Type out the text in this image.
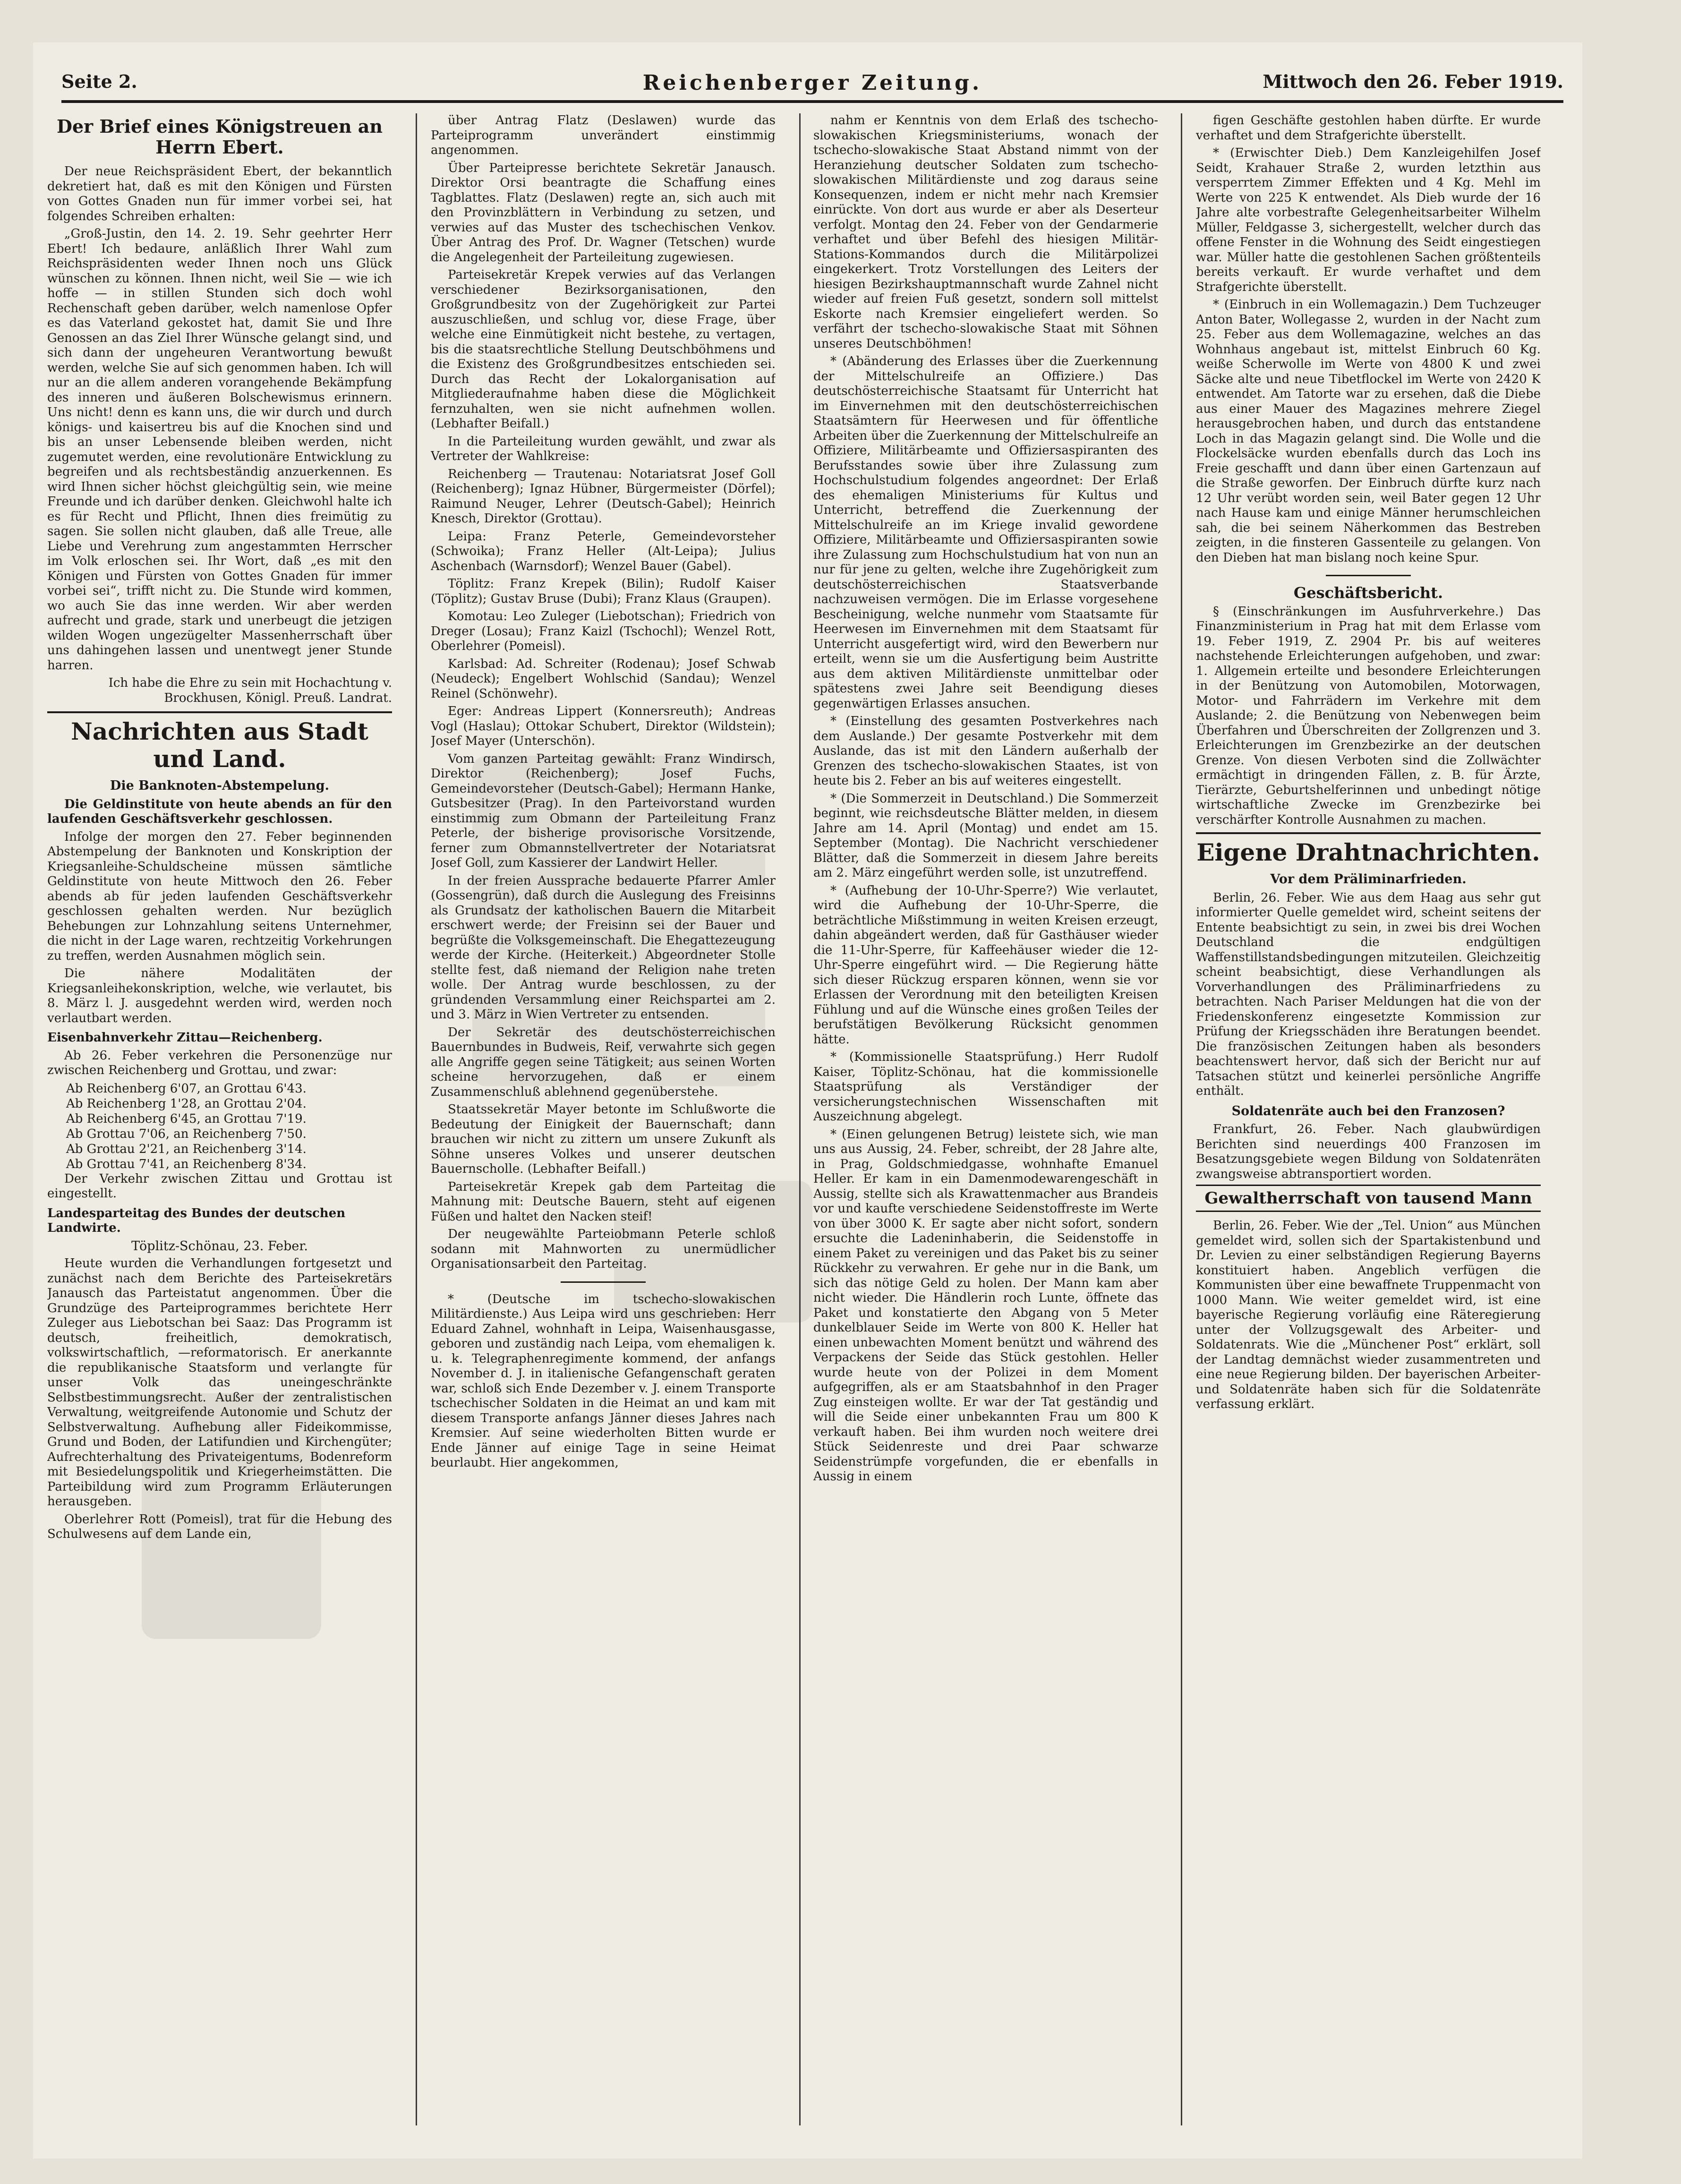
Seite 2.	Reichenberger Zeitung.	Mittwoch den 26. Feber 1919.
Der Brief eines Königstreuen an Herrn Ebert.

Der neue Reichspräsident Ebert, der bekanntlich dekretiert hat, daß es mit den Königen und Fürsten von Gottes Gnaden nun für immer vorbei sei, hat folgendes Schreiben erhalten:

„Groß-Justin, den 14. 2. 19. Sehr geehrter Herr Ebert! Ich bedaure, anläßlich Ihrer Wahl zum Reichspräsidenten weder Ihnen noch uns Glück wünschen zu können. Ihnen nicht, weil Sie — wie ich hoffe — in stillen Stunden sich doch wohl Rechenschaft geben darüber, welch namenlose Opfer es das Vaterland gekostet hat, damit Sie und Ihre Genossen an das Ziel Ihrer Wünsche gelangt sind, und sich dann der ungeheuren Verantwortung bewußt werden, welche Sie auf sich genommen haben. Ich will nur an die allem anderen vorangehende Bekämpfung des inneren und äußeren Bolschewismus erinnern. Uns nicht! denn es kann uns, die wir durch und durch königs- und kaisertreu bis auf die Knochen sind und bis an unser Lebensende bleiben werden, nicht zugemutet werden, eine revolutionäre Entwicklung zu begreifen und als rechtsbeständig anzuerkennen. Es wird Ihnen sicher höchst gleichgültig sein, wie meine Freunde und ich darüber denken. Gleichwohl halte ich es für Recht und Pflicht, Ihnen dies freimütig zu sagen. Sie sollen nicht glauben, daß alle Treue, alle Liebe und Verehrung zum angestammten Herrscher im Volk erloschen sei. Ihr Wort, daß „es mit den Königen und Fürsten von Gottes Gnaden für immer vorbei sei“, trifft nicht zu. Die Stunde wird kommen, wo auch Sie das inne werden. Wir aber werden aufrecht und grade, stark und unerbeugt die jetzigen wilden Wogen ungezügelter Massenherrschaft über uns dahingehen lassen und unentwegt jener Stunde harren.

Ich habe die Ehre zu sein mit Hochachtung v. Brockhusen, Königl. Preuß. Landrat.

Nachrichten aus Stadt und Land.
Die Banknoten-Abstempelung.

Die Geldinstitute von heute abends an für den laufenden Geschäftsverkehr geschlossen.

Infolge der morgen den 27. Feber beginnenden Abstempelung der Banknoten und Konskription der Kriegsanleihe-Schuldscheine müssen sämtliche Geldinstitute von heute Mittwoch den 26. Feber abends ab für jeden laufenden Geschäftsverkehr geschlossen gehalten werden. Nur bezüglich Behebungen zur Lohnzahlung seitens Unternehmer, die nicht in der Lage waren, rechtzeitig Vorkehrungen zu treffen, werden Ausnahmen möglich sein.

Die nähere Modalitäten der Kriegsanleihekonskription, welche, wie verlautet, bis 8. März l. J. ausgedehnt werden wird, werden noch verlautbart werden.

Eisenbahnverkehr Zittau—Reichenberg.

Ab 26. Feber verkehren die Personenzüge nur zwischen Reichenberg und Grottau, und zwar:

Ab Reichenberg 6'07, an Grottau 6'43.
Ab Reichenberg 1'28, an Grottau 2'04.
Ab Reichenberg 6'45, an Grottau 7'19.
Ab Grottau 7'06, an Reichenberg 7'50.
Ab Grottau 2'21, an Reichenberg 3'14.
Ab Grottau 7'41, an Reichenberg 8'34.

Der Verkehr zwischen Zittau und Grottau ist eingestellt.

Landesparteitag des Bundes der deutschen Landwirte.
Töplitz-Schönau, 23. Feber.

Heute wurden die Verhandlungen fortgesetzt und zunächst nach dem Berichte des Parteisekretärs Janausch das Parteistatut angenommen. Über die Grundzüge des Parteiprogrammes berichtete Herr Zuleger aus Liebotschan bei Saaz: Das Programm ist deutsch, freiheitlich, demokratisch, volkswirtschaftlich, —reformatorisch. Er anerkannte die republikanische Staatsform und verlangte für unser Volk das uneingeschränkte Selbstbestimmungsrecht. Außer der zentralistischen Verwaltung, weitgreifende Autonomie und Schutz der Selbstverwaltung. Aufhebung aller Fideikommisse, Grund und Boden, der Latifundien und Kirchengüter; Aufrechterhaltung des Privateigentums, Bodenreform mit Besiedelungspolitik und Kriegerheimstätten. Die Parteibildung wird zum Programm Erläuterungen herausgeben.

Oberlehrer Rott (Pomeisl), trat für die Hebung des Schulwesens auf dem Lande ein,

über Antrag Flatz (Deslawen) wurde das Parteiprogramm unverändert einstimmig angenommen.

Über Parteipresse berichtete Sekretär Janausch. Direktor Orsi beantragte die Schaffung eines Tagblattes. Flatz (Deslawen) regte an, sich auch mit den Provinzblättern in Verbindung zu setzen, und verwies auf das Muster des tschechischen Venkov. Über Antrag des Prof. Dr. Wagner (Tetschen) wurde die Angelegenheit der Parteileitung zugewiesen.

Parteisekretär Krepek verwies auf das Verlangen verschiedener Bezirksorganisationen, den Großgrundbesitz von der Zugehörigkeit zur Partei auszuschließen, und schlug vor, diese Frage, über welche eine Einmütigkeit nicht bestehe, zu vertagen, bis die staatsrechtliche Stellung Deutschböhmens und die Existenz des Großgrundbesitzes entschieden sei. Durch das Recht der Lokalorganisation auf Mitgliederaufnahme haben diese die Möglichkeit fernzuhalten, wen sie nicht aufnehmen wollen. (Lebhafter Beifall.)

In die Parteileitung wurden gewählt, und zwar als Vertreter der Wahlkreise:

Reichenberg — Trautenau: Notariatsrat Josef Goll (Reichenberg); Ignaz Hübner, Bürgermeister (Dörfel); Raimund Neuger, Lehrer (Deutsch-Gabel); Heinrich Knesch, Direktor (Grottau).

Leipa: Franz Peterle, Gemeindevorsteher (Schwoika); Franz Heller (Alt-Leipa); Julius Aschenbach (Warnsdorf); Wenzel Bauer (Gabel).

Töplitz: Franz Krepek (Bilin); Rudolf Kaiser (Töplitz); Gustav Bruse (Dubi); Franz Klaus (Graupen).

Komotau: Leo Zuleger (Liebotschan); Friedrich von Dreger (Losau); Franz Kaizl (Tschochl); Wenzel Rott, Oberlehrer (Pomeisl).

Karlsbad: Ad. Schreiter (Rodenau); Josef Schwab (Neudeck); Engelbert Wohlschid (Sandau); Wenzel Reinel (Schönwehr).

Eger: Andreas Lippert (Konnersreuth); Andreas Vogl (Haslau); Ottokar Schubert, Direktor (Wildstein); Josef Mayer (Unterschön).

Vom ganzen Parteitag gewählt: Franz Windirsch, Direktor (Reichenberg); Josef Fuchs, Gemeindevorsteher (Deutsch-Gabel); Hermann Hanke, Gutsbesitzer (Prag). In den Parteivorstand wurden einstimmig zum Obmann der Parteileitung Franz Peterle, der bisherige provisorische Vorsitzende, ferner zum Obmannstellvertreter der Notariatsrat Josef Goll, zum Kassierer der Landwirt Heller.

In der freien Aussprache bedauerte Pfarrer Amler (Gossengrün), daß durch die Auslegung des Freisinns als Grundsatz der katholischen Bauern die Mitarbeit erschwert werde; der Freisinn sei der Bauer und begrüßte die Volksgemeinschaft. Die Ehegattezeugung werde der Kirche. (Heiterkeit.) Abgeordneter Stolle stellte fest, daß niemand der Religion nahe treten wolle. Der Antrag wurde beschlossen, zu der gründenden Versammlung einer Reichspartei am 2. und 3. März in Wien Vertreter zu entsenden.

Der Sekretär des deutschösterreichischen Bauernbundes in Budweis, Reif, verwahrte sich gegen alle Angriffe gegen seine Tätigkeit; aus seinen Worten scheine hervorzugehen, daß er einem Zusammenschluß ablehnend gegenüberstehe.

Staatssekretär Mayer betonte im Schlußworte die Bedeutung der Einigkeit der Bauernschaft; dann brauchen wir nicht zu zittern um unsere Zukunft als Söhne unseres Volkes und unserer deutschen Bauernscholle. (Lebhafter Beifall.)

Parteisekretär Krepek gab dem Parteitag die Mahnung mit: Deutsche Bauern, steht auf eigenen Füßen und haltet den Nacken steif!

Der neugewählte Parteiobmann Peterle schloß sodann mit Mahnworten zu unermüdlicher Organisationsarbeit den Parteitag.

* (Deutsche im tschecho-slowakischen Militärdienste.) Aus Leipa wird uns geschrieben: Herr Eduard Zahnel, wohnhaft in Leipa, Waisenhausgasse, geboren und zuständig nach Leipa, vom ehemaligen k. u. k. Telegraphenregimente kommend, der anfangs November d. J. in italienische Gefangenschaft geraten war, schloß sich Ende Dezember v. J. einem Transporte tschechischer Soldaten in die Heimat an und kam mit diesem Transporte anfangs Jänner dieses Jahres nach Kremsier. Auf seine wiederholten Bitten wurde er Ende Jänner auf einige Tage in seine Heimat beurlaubt. Hier angekommen,

nahm er Kenntnis von dem Erlaß des tschecho-slowakischen Kriegsministeriums, wonach der tschecho-slowakische Staat Abstand nimmt von der Heranziehung deutscher Soldaten zum tschecho-slowakischen Militärdienste und zog daraus seine Konsequenzen, indem er nicht mehr nach Kremsier einrückte. Von dort aus wurde er aber als Deserteur verfolgt. Montag den 24. Feber von der Gendarmerie verhaftet und über Befehl des hiesigen Militär-Stations-Kommandos durch die Militärpolizei eingekerkert. Trotz Vorstellungen des Leiters der hiesigen Bezirkshauptmannschaft wurde Zahnel nicht wieder auf freien Fuß gesetzt, sondern soll mittelst Eskorte nach Kremsier eingeliefert werden. So verfährt der tschecho-slowakische Staat mit Söhnen unseres Deutschböhmen!

* (Abänderung des Erlasses über die Zuerkennung der Mittelschulreife an Offiziere.) Das deutschösterreichische Staatsamt für Unterricht hat im Einvernehmen mit den deutschösterreichischen Staatsämtern für Heerwesen und für öffentliche Arbeiten über die Zuerkennung der Mittelschulreife an Offiziere, Militärbeamte und Offiziersaspiranten des Berufsstandes sowie über ihre Zulassung zum Hochschulstudium folgendes angeordnet: Der Erlaß des ehemaligen Ministeriums für Kultus und Unterricht, betreffend die Zuerkennung der Mittelschulreife an im Kriege invalid gewordene Offiziere, Militärbeamte und Offiziersaspiranten sowie ihre Zulassung zum Hochschulstudium hat von nun an nur für jene zu gelten, welche ihre Zugehörigkeit zum deutschösterreichischen Staatsverbande nachzuweisen vermögen. Die im Erlasse vorgesehene Bescheinigung, welche nunmehr vom Staatsamte für Heerwesen im Einvernehmen mit dem Staatsamt für Unterricht ausgefertigt wird, wird den Bewerbern nur erteilt, wenn sie um die Ausfertigung beim Austritte aus dem aktiven Militärdienste unmittelbar oder spätestens zwei Jahre seit Beendigung dieses gegenwärtigen Erlasses ansuchen.

* (Einstellung des gesamten Postverkehres nach dem Auslande.) Der gesamte Postverkehr mit dem Auslande, das ist mit den Ländern außerhalb der Grenzen des tschecho-slowakischen Staates, ist von heute bis 2. Feber an bis auf weiteres eingestellt.

* (Die Sommerzeit in Deutschland.) Die Sommerzeit beginnt, wie reichsdeutsche Blätter melden, in diesem Jahre am 14. April (Montag) und endet am 15. September (Montag). Die Nachricht verschiedener Blätter, daß die Sommerzeit in diesem Jahre bereits am 2. März eingeführt werden solle, ist unzutreffend.

* (Aufhebung der 10-Uhr-Sperre?) Wie verlautet, wird die Aufhebung der 10-Uhr-Sperre, die beträchtliche Mißstimmung in weiten Kreisen erzeugt, dahin abgeändert werden, daß für Gasthäuser wieder die 11-Uhr-Sperre, für Kaffeehäuser wieder die 12-Uhr-Sperre eingeführt wird. — Die Regierung hätte sich dieser Rückzug ersparen können, wenn sie vor Erlassen der Verordnung mit den beteiligten Kreisen Fühlung und auf die Wünsche eines großen Teiles der berufstätigen Bevölkerung Rücksicht genommen hätte.

* (Kommissionelle Staatsprüfung.) Herr Rudolf Kaiser, Töplitz-Schönau, hat die kommissionelle Staatsprüfung als Verständiger der versicherungstechnischen Wissenschaften mit Auszeichnung abgelegt.

* (Einen gelungenen Betrug) leistete sich, wie man uns aus Aussig, 24. Feber, schreibt, der 28 Jahre alte, in Prag, Goldschmiedgasse, wohnhafte Emanuel Heller. Er kam in ein Damenmodewarengeschäft in Aussig, stellte sich als Krawattenmacher aus Brandeis vor und kaufte verschiedene Seidenstoffreste im Werte von über 3000 K. Er sagte aber nicht sofort, sondern ersuchte die Ladeninhaberin, die Seidenstoffe in einem Paket zu vereinigen und das Paket bis zu seiner Rückkehr zu verwahren. Er gehe nur in die Bank, um sich das nötige Geld zu holen. Der Mann kam aber nicht wieder. Die Händlerin roch Lunte, öffnete das Paket und konstatierte den Abgang von 5 Meter dunkelblauer Seide im Werte von 800 K. Heller hat einen unbewachten Moment benützt und während des Verpackens der Seide das Stück gestohlen. Heller wurde heute von der Polizei in dem Moment aufgegriffen, als er am Staatsbahnhof in den Prager Zug einsteigen wollte. Er war der Tat geständig und will die Seide einer unbekannten Frau um 800 K verkauft haben. Bei ihm wurden noch weitere drei Stück Seidenreste und drei Paar schwarze Seidenstrümpfe vorgefunden, die er ebenfalls in Aussig in einem

figen Geschäfte gestohlen haben dürfte. Er wurde verhaftet und dem Strafgerichte überstellt.

* (Erwischter Dieb.) Dem Kanzleigehilfen Josef Seidt, Krahauer Straße 2, wurden letzthin aus versperrtem Zimmer Effekten und 4 Kg. Mehl im Werte von 225 K entwendet. Als Dieb wurde der 16 Jahre alte vorbestrafte Gelegenheitsarbeiter Wilhelm Müller, Feldgasse 3, sichergestellt, welcher durch das offene Fenster in die Wohnung des Seidt eingestiegen war. Müller hatte die gestohlenen Sachen größtenteils bereits verkauft. Er wurde verhaftet und dem Strafgerichte überstellt.

* (Einbruch in ein Wollemagazin.) Dem Tuchzeuger Anton Bater, Wollegasse 2, wurden in der Nacht zum 25. Feber aus dem Wollemagazine, welches an das Wohnhaus angebaut ist, mittelst Einbruch 60 Kg. weiße Scherwolle im Werte von 4800 K und zwei Säcke alte und neue Tibetflockel im Werte von 2420 K entwendet. Am Tatorte war zu ersehen, daß die Diebe aus einer Mauer des Magazines mehrere Ziegel herausgebrochen haben, und durch das entstandene Loch in das Magazin gelangt sind. Die Wolle und die Flockelsäcke wurden ebenfalls durch das Loch ins Freie geschafft und dann über einen Gartenzaun auf die Straße geworfen. Der Einbruch dürfte kurz nach 12 Uhr verübt worden sein, weil Bater gegen 12 Uhr nach Hause kam und einige Männer herumschleichen sah, die bei seinem Näherkommen das Bestreben zeigten, in die finsteren Gassenteile zu gelangen. Von den Dieben hat man bislang noch keine Spur.

Geschäftsbericht.

§ (Einschränkungen im Ausfuhrverkehre.) Das Finanzministerium in Prag hat mit dem Erlasse vom 19. Feber 1919, Z. 2904 Pr. bis auf weiteres nachstehende Erleichterungen aufgehoben, und zwar: 1. Allgemein erteilte und besondere Erleichterungen in der Benützung von Automobilen, Motorwagen, Motor- und Fahrrädern im Verkehre mit dem Auslande; 2. die Benützung von Nebenwegen beim Überfahren und Überschreiten der Zollgrenzen und 3. Erleichterungen im Grenzbezirke an der deutschen Grenze. Von diesen Verboten sind die Zollwächter ermächtigt in dringenden Fällen, z. B. für Ärzte, Tierärzte, Geburtshelferinnen und unbedingt nötige wirtschaftliche Zwecke im Grenzbezirke bei verschärfter Kontrolle Ausnahmen zu machen.

Eigene Drahtnachrichten.
Vor dem Präliminarfrieden.

Berlin, 26. Feber. Wie aus dem Haag aus sehr gut informierter Quelle gemeldet wird, scheint seitens der Entente beabsichtigt zu sein, in zwei bis drei Wochen Deutschland die endgültigen Waffenstillstandsbedingungen mitzuteilen. Gleichzeitig scheint beabsichtigt, diese Verhandlungen als Vorverhandlungen des Präliminarfriedens zu betrachten. Nach Pariser Meldungen hat die von der Friedenskonferenz eingesetzte Kommission zur Prüfung der Kriegsschäden ihre Beratungen beendet. Die französischen Zeitungen haben als besonders beachtenswert hervor, daß sich der Bericht nur auf Tatsachen stützt und keinerlei persönliche Angriffe enthält.

Soldatenräte auch bei den Franzosen?

Frankfurt, 26. Feber. Nach glaubwürdigen Berichten sind neuerdings 400 Franzosen im Besatzungsgebiete wegen Bildung von Soldatenräten zwangsweise abtransportiert worden.

Gewaltherrschaft von tausend Mann

Berlin, 26. Feber. Wie der „Tel. Union“ aus München gemeldet wird, sollen sich der Spartakistenbund und Dr. Levien zu einer selbständigen Regierung Bayerns konstituiert haben. Angeblich verfügen die Kommunisten über eine bewaffnete Truppenmacht von 1000 Mann. Wie weiter gemeldet wird, ist eine bayerische Regierung vorläufig eine Räteregierung unter der Vollzugsgewalt des Arbeiter- und Soldatenrats. Wie die „Münchener Post“ erklärt, soll der Landtag demnächst wieder zusammentreten und eine neue Regierung bilden. Der bayerischen Arbeiter- und Soldatenräte haben sich für die Soldatenräte verfassung erklärt.
